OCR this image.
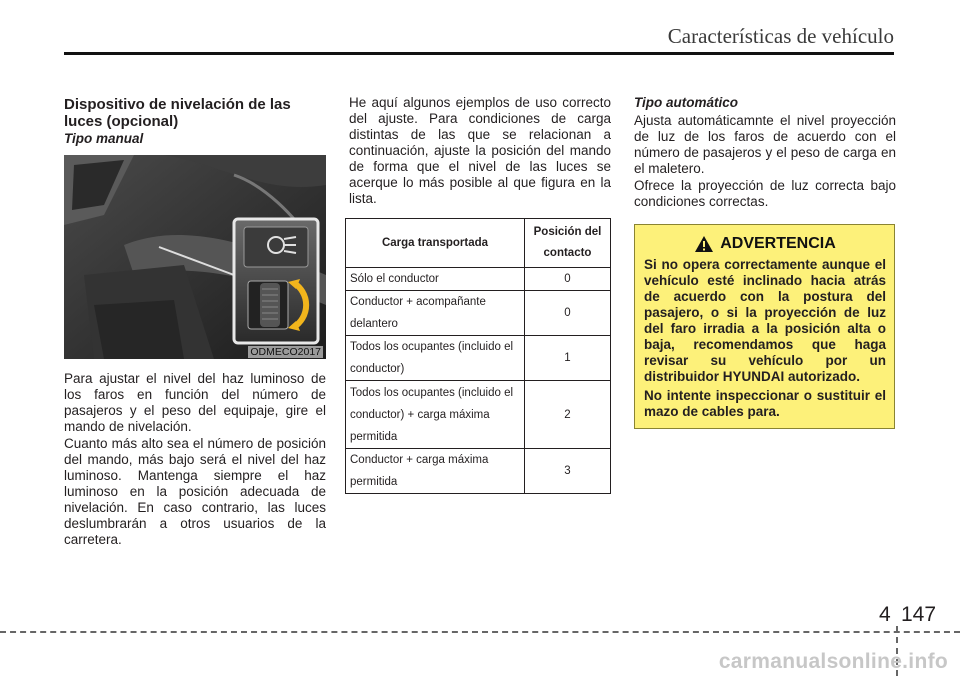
Características de vehículo
Dispositivo de nivelación de las luces (opcional)
Tipo manual
ODMECO2017

Para ajustar el nivel del haz luminoso de los faros en función del número de pasajeros y el peso del equipaje, gire el mando de nivelación.

Cuanto más alto sea el número de posición del mando, más bajo será el nivel del haz luminoso. Mantenga siempre el haz luminoso en la posición adecuada de nivelación. En caso contrario, las luces deslumbrarán a otros usuarios de la carretera.

He aquí algunos ejemplos de uso correcto del ajuste. Para condiciones de carga distintas de las que se relacionan a continuación, ajuste la posición del mando de forma que el nivel de las luces se acerque lo más posible al que figura en la lista.

Carga transportada	Posición del contacto
Sólo el conductor	0
Conductor + acompañante delantero	0
Todos los ocupantes (incluido el conductor)	1
Todos los ocupantes (incluido el conductor) + carga máxima permitida	2
Conductor + carga máxima permitida	3
Tipo automático

Ajusta automáticamnte el nivel proyección de luz de los faros de acuerdo con el número de pasajeros y el peso de carga en el maletero.

Ofrece la proyección de luz correcta bajo condiciones correctas.

ADVERTENCIA

Si no opera correctamente aunque el vehículo esté inclinado hacia atrás de acuerdo con la postura del pasajero, o si la proyección de luz del faro irradia a la posición alta o baja, recomendamos que haga revisar su vehículo por un distribuidor HYUNDAI autorizado.

No intente inspeccionar o sustituir el mazo de cables para.

4 147
carmanualsonline.info
